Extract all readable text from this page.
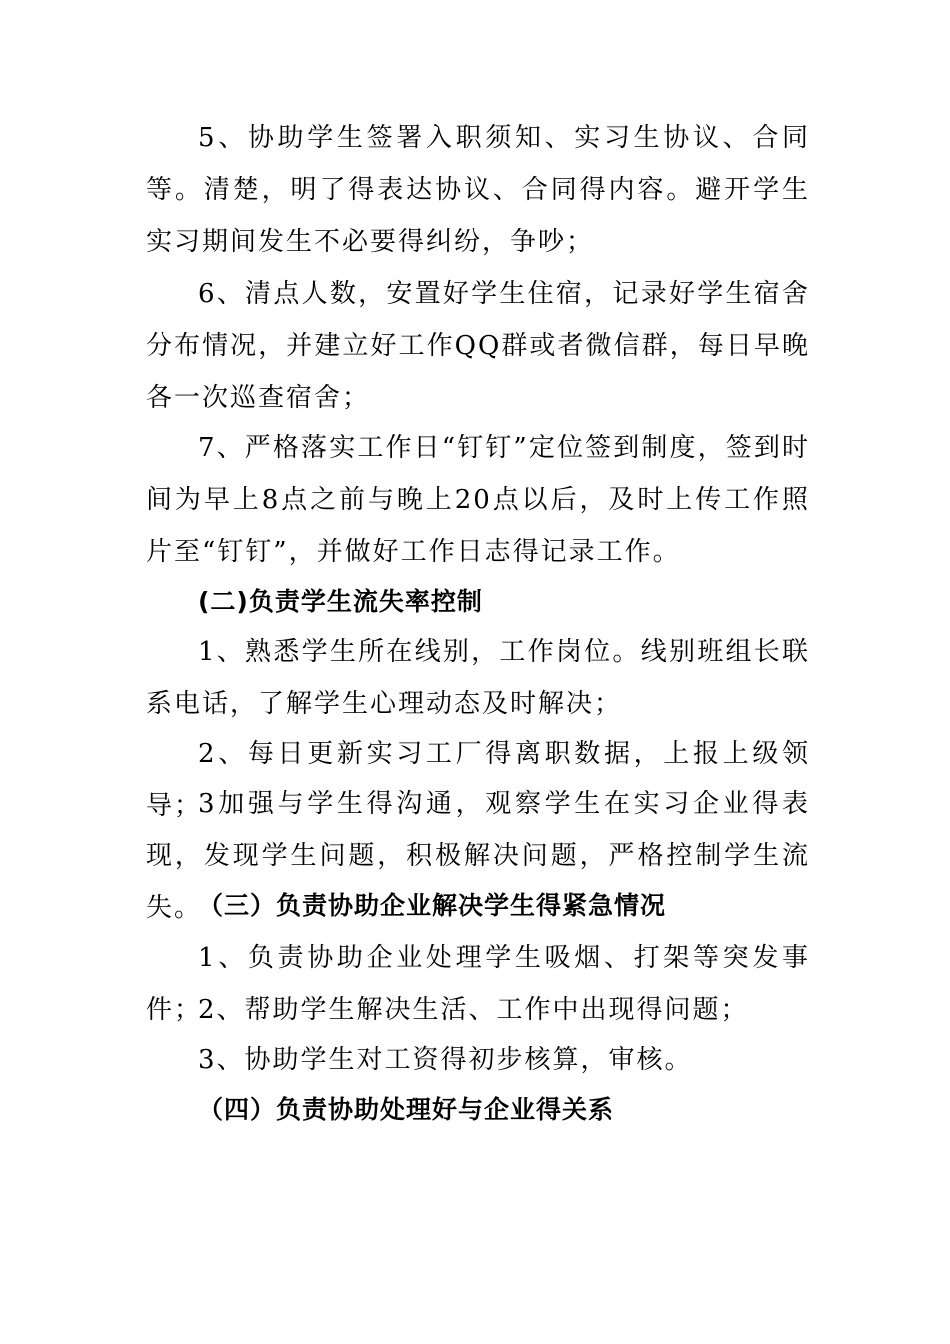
5、协助学生签署入职须知、实习生协议、合同等。清楚，明了得表达协议、合同得内容。避开学生实习期间发生不必要得纠纷，争吵；

6、清点人数，安置好学生住宿，记录好学生宿舍分布情况，并建立好工作QQ群或者微信群，每日早晚各一次巡查宿舍；

7、严格落实工作日“钉钉”定位签到制度，签到时间为早上8点之前与晚上20点以后，及时上传工作照片至“钉钉”，并做好工作日志得记录工作。

(二)负责学生流失率控制

1、熟悉学生所在线别，工作岗位。线别班组长联系电话，了解学生心理动态及时解决；

2、每日更新实习工厂得离职数据，上报上级领导；

3加强与学生得沟通，观察学生在实习企业得表现，发现学生问题，积极解决问题，严格控制学生流失。

（三）负责协助企业解决学生得紧急情况

1、负责协助企业处理学生吸烟、打架等突发事件；

2、帮助学生解决生活、工作中出现得问题；

3、协助学生对工资得初步核算，审核。

（四）负责协助处理好与企业得关系
